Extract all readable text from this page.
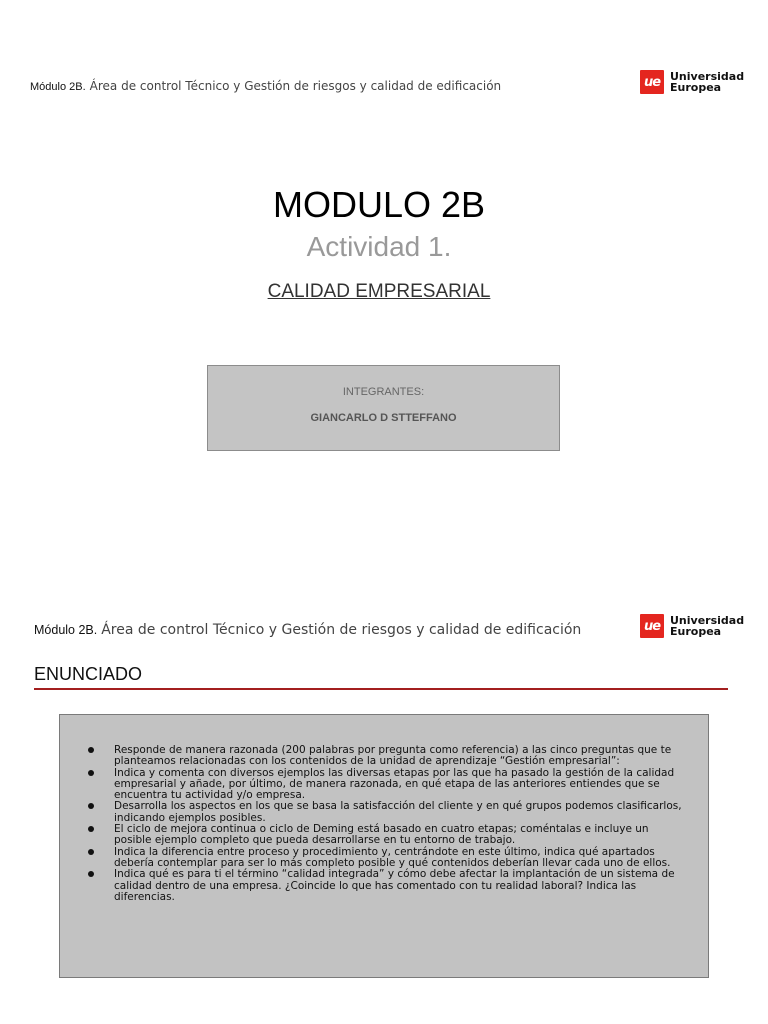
Módulo 2B. Área de control Técnico y Gestión de riesgos y calidad de edificación	ue Universidad
Europea
MODULO 2B
Actividad 1.
CALIDAD EMPRESARIAL
INTEGRANTES:
GIANCARLO D STTEFFANO
Módulo 2B. Área de control Técnico y Gestión de riesgos y calidad de edificación	ue Universidad
Europea
ENUNCIADO
Responde de manera razonada (200 palabras por pregunta como referencia) a las cinco preguntas que te planteamos relacionadas con los contenidos de la unidad de aprendizaje “Gestión empresarial”:
Indica y comenta con diversos ejemplos las diversas etapas por las que ha pasado la gestión de la calidad empresarial y añade, por último, de manera razonada, en qué etapa de las anteriores entiendes que se encuentra tu actividad y/o empresa.
Desarrolla los aspectos en los que se basa la satisfacción del cliente y en qué grupos podemos clasificarlos, indicando ejemplos posibles.
El ciclo de mejora continua o ciclo de Deming está basado en cuatro etapas; coméntalas e incluye un posible ejemplo completo que pueda desarrollarse en tu entorno de trabajo.
Indica la diferencia entre proceso y procedimiento y, centrándote en este último, indica qué apartados debería contemplar para ser lo más completo posible y qué contenidos deberían llevar cada uno de ellos.
Indica qué es para ti el término “calidad integrada” y cómo debe afectar la implantación de un sistema de calidad dentro de una empresa. ¿Coincide lo que has comentado con tu realidad laboral? Indica las diferencias.
